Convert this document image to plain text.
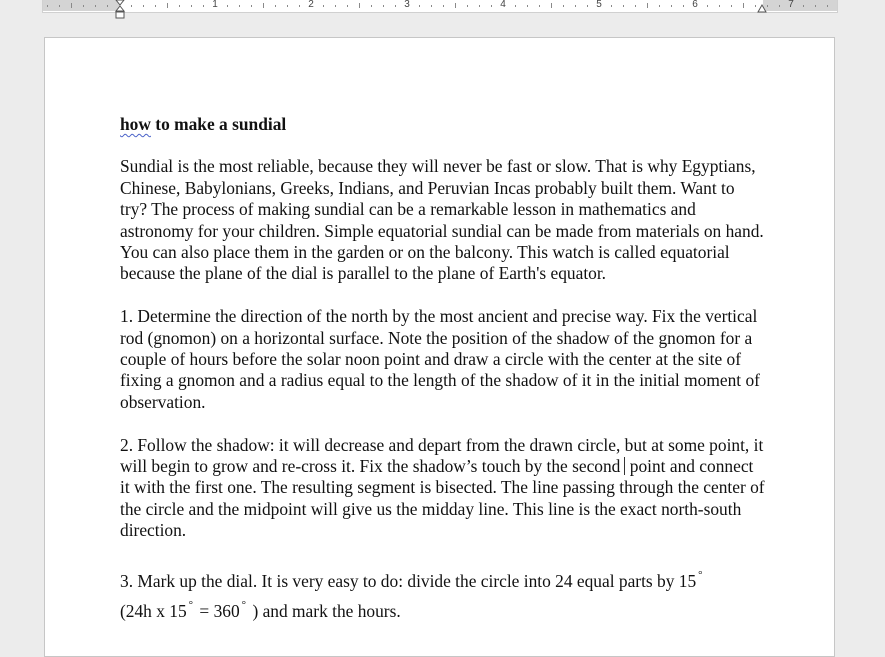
1	2	3	4	5	6	7
how to make a sundial

Sundial is the most reliable, because they will never be fast or slow. That is why Egyptians, Chinese, Babylonians, Greeks, Indians, and Peruvian Incas probably built them. Want to try? The process of making sundial can be a remarkable lesson in mathematics and astronomy for your children. Simple equatorial sundial can be made from materials on hand. You can also place them in the garden or on the balcony. This watch is called equatorial because the plane of the dial is parallel to the plane of Earth's equator.

1. Determine the direction of the north by the most ancient and precise way. Fix the vertical rod (gnomon) on a horizontal surface. Note the position of the shadow of the gnomon for a couple of hours before the solar noon point and draw a circle with the center at the site of fixing a gnomon and a radius equal to the length of the shadow of it in the initial moment of observation.

2. Follow the shadow: it will decrease and depart from the drawn circle, but at some point, it will begin to grow and re-cross it. Fix the shadow’s touch by the second point and connect it with the first one. The resulting segment is bisected. The line passing through the center of the circle and the midpoint will give us the midday line. This line is the exact north-south direction.

3. Mark up the dial. It is very easy to do: divide the circle into 24 equal parts by 15 °
(24h x 15 ° = 360 ° ) and mark the hours.
